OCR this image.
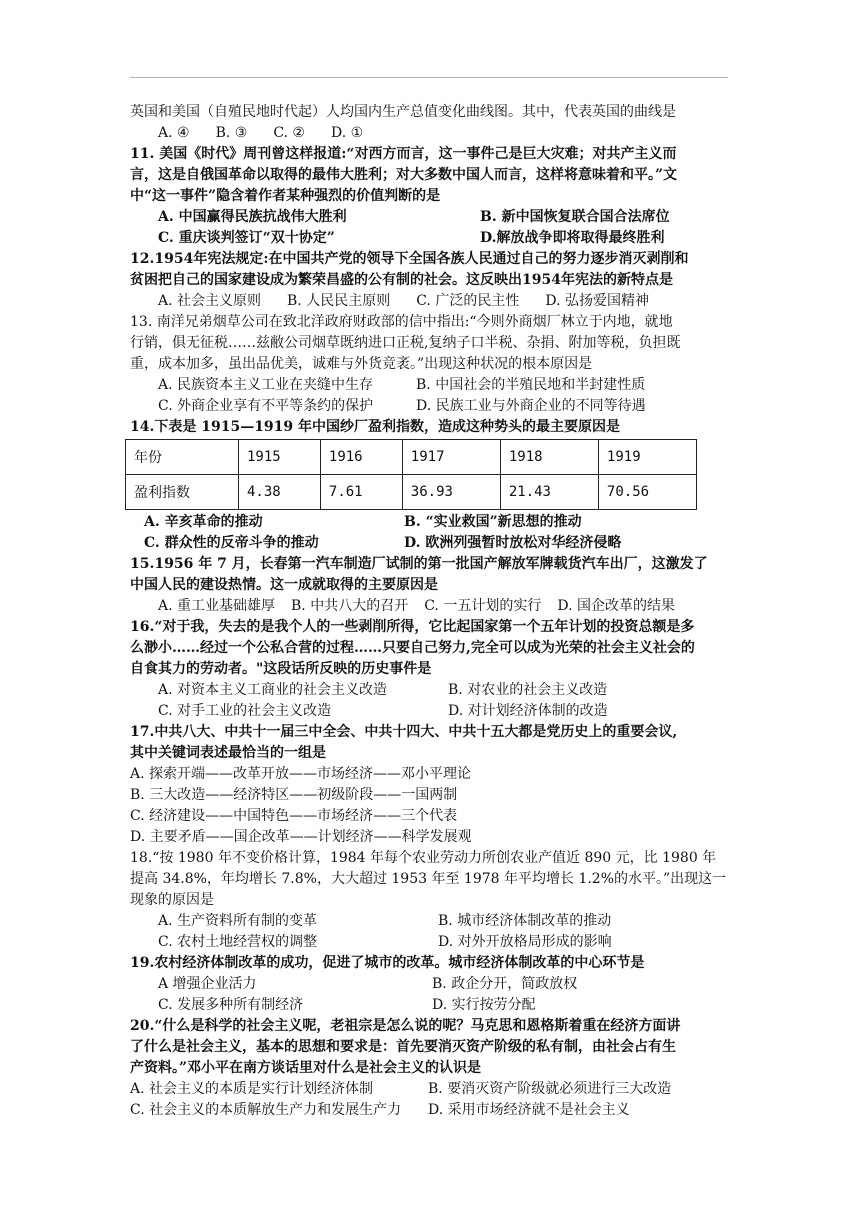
英国和美国（自殖民地时代起）人均国内生产总值变化曲线图。其中，代表英国的曲线是
A. ④ B. ③ C. ② D. ①
11. 美国《时代》周刊曾这样报道:“对西方而言，这一事件己是巨大灾难；对共产主义而
言，这是自俄国革命以取得的最伟大胜利；对大多数中国人而言，这样将意味着和平。”文
中“这一事件”隐含着作者某种强烈的价值判断的是
A. 中国赢得民族抗战伟大胜利	B. 新中国恢复联合国合法席位
C. 重庆谈判签订“双十协定”	D.解放战争即将取得最终胜利
12.1954年宪法规定:在中国共产党的领导下全国各族人民通过自己的努力逐步消灭剥削和
贫困把自己的国家建设成为繁荣昌盛的公有制的社会。这反映出1954年宪法的新特点是
A. 社会主义原则 B. 人民民主原则 C. 广泛的民主性 D. 弘扬爱国精神
13. 南洋兄弟烟草公司在致北洋政府财政部的信中指出:“今则外商烟厂林立于内地，就地
行销，俱无征税……兹敝公司烟草既纳进口正税,复纳子口半税、杂捐、附加等税，负担既
重，成本加多，虽出品优美，诚难与外货竞袤。”出现这种状况的根本原因是
A. 民族资本主义工业在夹缝中生存	B. 中国社会的半殖民地和半封建性质
C. 外商企业享有不平等条约的保护	D. 民族工业与外商企业的不同等待遇
14.下表是 1915—1919 年中国纱厂盈利指数，造成这种势头的最主要原因是
年份	1915	1916	1917	1918	1919
盈利指数	4.38	7.61	36.93	21.43	70.56
A. 辛亥革命的推动	B. “实业救国”新思想的推动
C. 群众性的反帝斗争的推动	D. 欧洲列强暂时放松对华经济侵略
15.1956 年 7 月，长春第一汽车制造厂试制的第一批国产解放军牌载货汽车出厂，这激发了
中国人民的建设热情。这一成就取得的主要原因是
A. 重工业基础雄厚 B. 中共八大的召开 C. 一五计划的实行 D. 国企改革的结果
16.“对于我，失去的是我个人的一些剥削所得，它比起国家第一个五年计划的投资总额是多
么渺小……经过一个公私合营的过程……只要自己努力,完全可以成为光荣的社会主义社会的
自食其力的劳动者。"这段话所反映的历史事件是
A. 对资本主义工商业的社会主义改造	B. 对农业的社会主义改造
C. 对手工业的社会主义改造	D. 对计划经济体制的改造
17.中共八大、中共十一届三中全会、中共十四大、中共十五大都是党历史上的重要会议,
其中关键词表述最恰当的一组是
A. 探索开端——改革开放——市场经济——邓小平理论
B. 三大改造——经济特区——初级阶段——一国两制
C. 经济建设——中国特色——市场经济——三个代表
D. 主要矛盾——国企改革——计划经济——科学发展观
18.“按 1980 年不变价格计算，1984 年每个农业劳动力所创农业产值近 890 元，比 1980 年
提高 34.8%，年均增长 7.8%，大大超过 1953 年至 1978 年平均增长 1.2%的水平。”出现这一
现象的原因是
A. 生产资料所有制的变革	B. 城市经济体制改革的推动
C. 农村土地经营权的调整	D. 对外开放格局形成的影响
19.农村经济体制改革的成功，促进了城市的改革。城市经济体制改革的中心环节是
A 增强企业活力	B. 政企分开，简政放权
C. 发展多种所有制经济	D. 实行按劳分配
20.“什么是科学的社会主义呢，老祖宗是怎么说的呢？马克思和恩格斯着重在经济方面讲
了什么是社会主义，基本的思想和要求是：首先要消灭资产阶级的私有制，由社会占有生
产资料。”邓小平在南方谈话里对什么是社会主义的认识是
A. 社会主义的本质是实行计划经济体制	B. 要消灭资产阶级就必须进行三大改造
C. 社会主义的本质解放生产力和发展生产力	D. 采用市场经济就不是社会主义
